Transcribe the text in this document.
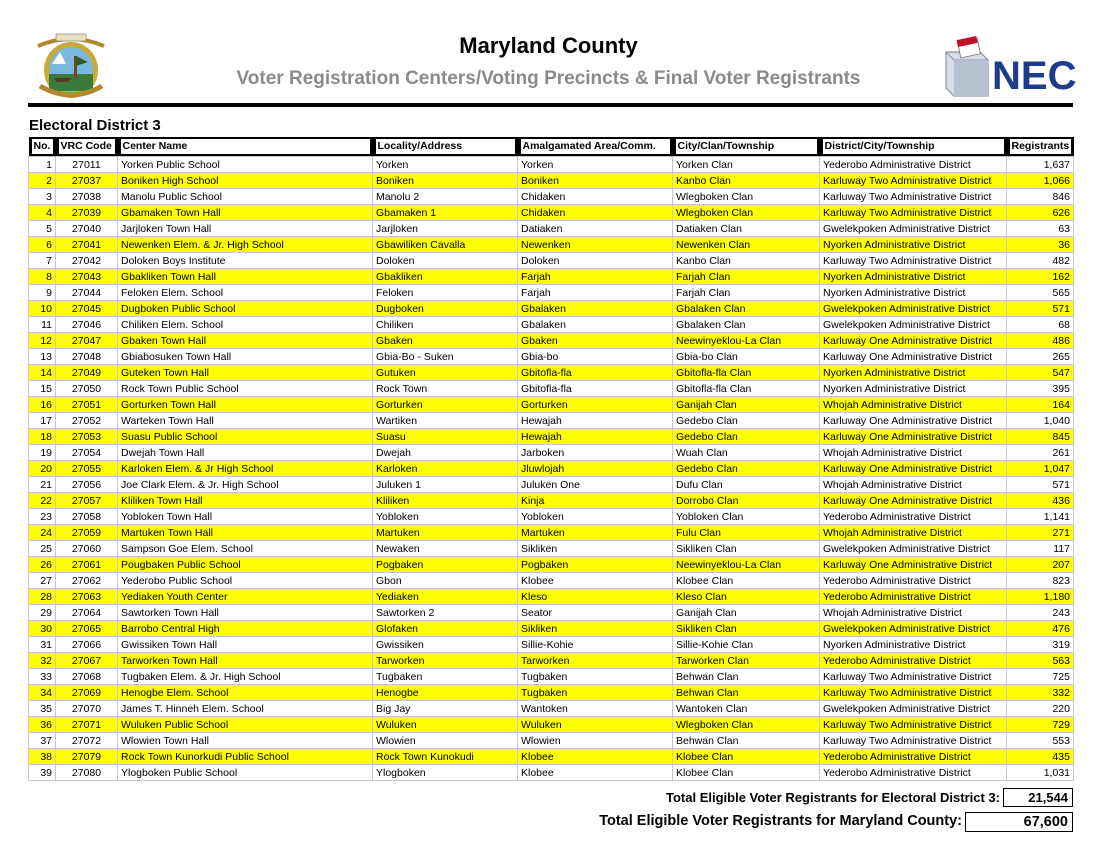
Maryland County
Voter Registration Centers/Voting Precincts & Final Voter Registrants	NEC
Electoral District 3
No.	VRC Code	Center Name	Locality/Address	Amalgamated Area/Comm.	City/Clan/Township	District/City/Township	Registrants

1	27011	Yorken Public School	Yorken	Yorken	Yorken Clan	Yederobo Administrative District	1,637
2	27037	Boniken High School	Boniken	Boniken	Kanbo Clan	Karluway Two Administrative District	1,066
3	27038	Manolu Public School	Manolu 2	Chidaken	Wlegboken Clan	Karluway Two Administrative District	846
4	27039	Gbamaken Town Hall	Gbamaken 1	Chidaken	Wlegboken Clan	Karluway Two Administrative District	626
5	27040	Jarjloken Town Hall	Jarjloken	Datiaken	Datiaken Clan	Gwelekpoken Administrative District	63
6	27041	Newenken Elem. & Jr. High School	Gbawiliken Cavalla	Newenken	Newenken Clan	Nyorken Administrative District	36
7	27042	Doloken Boys Institute	Doloken	Doloken	Kanbo Clan	Karluway Two Administrative District	482
8	27043	Gbakliken Town Hall	Gbakliken	Farjah	Farjah Clan	Nyorken Administrative District	162
9	27044	Feloken Elem. School	Feloken	Farjah	Farjah Clan	Nyorken Administrative District	565
10	27045	Dugboken Public School	Dugboken	Gbalaken	Gbalaken Clan	Gwelekpoken Administrative District	571
11	27046	Chiliken Elem. School	Chiliken	Gbalaken	Gbalaken Clan	Gwelekpoken Administrative District	68
12	27047	Gbaken Town Hall	Gbaken	Gbaken	Neewinyeklou-La Clan	Karluway One Administrative District	486
13	27048	Gbiabosuken Town Hall	Gbia-Bo - Suken	Gbia-bo	Gbia-bo Clan	Karluway One Administrative District	265
14	27049	Guteken Town Hall	Gutuken	Gbitofla-fla	Gbitofla-fla Clan	Nyorken Administrative District	547
15	27050	Rock Town Public School	Rock Town	Gbitofla-fla	Gbitofla-fla Clan	Nyorken Administrative District	395
16	27051	Gorturken Town Hall	Gorturken	Gorturken	Ganijah Clan	Whojah Administrative District	164
17	27052	Warteken Town Hall	Wartiken	Hewajah	Gedebo Clan	Karluway One Administrative District	1,040
18	27053	Suasu Public School	Suasu	Hewajah	Gedebo Clan	Karluway One Administrative District	845
19	27054	Dwejah Town Hall	Dwejah	Jarboken	Wuah Clan	Whojah Administrative District	261
20	27055	Karloken Elem. & Jr High School	Karloken	Jluwlojah	Gedebo Clan	Karluway One Administrative District	1,047
21	27056	Joe Clark Elem. & Jr. High School	Juluken 1	Juluken One	Dufu Clan	Whojah Administrative District	571
22	27057	Kliliken Town Hall	Kliliken	Kinja	Dorrobo Clan	Karluway One Administrative District	436
23	27058	Yobloken Town Hall	Yobloken	Yobloken	Yobloken Clan	Yederobo Administrative District	1,141
24	27059	Martuken Town Hall	Martuken	Martuken	Fulu Clan	Whojah Administrative District	271
25	27060	Sampson Goe Elem. School	Newaken	Sikliken	Sikliken Clan	Gwelekpoken Administrative District	117
26	27061	Pougbaken Public School	Pogbaken	Pogbaken	Neewinyeklou-La Clan	Karluway One Administrative District	207
27	27062	Yederobo Public School	Gbon	Klobee	Klobee Clan	Yederobo Administrative District	823
28	27063	Yediaken Youth Center	Yediaken	Kleso	Kleso Clan	Yederobo Administrative District	1,180
29	27064	Sawtorken Town Hall	Sawtorken 2	Seator	Ganijah Clan	Whojah Administrative District	243
30	27065	Barrobo Central High	Glofaken	Sikliken	Sikliken Clan	Gwelekpoken Administrative District	476
31	27066	Gwissiken Town Hall	Gwissiken	Sillie-Kohie	Sillie-Kohie Clan	Nyorken Administrative District	319
32	27067	Tarworken Town Hall	Tarworken	Tarworken	Tarworken Clan	Yederobo Administrative District	563
33	27068	Tugbaken Elem. & Jr. High School	Tugbaken	Tugbaken	Behwan Clan	Karluway Two Administrative District	725
34	27069	Henogbe Elem. School	Henogbe	Tugbaken	Behwan Clan	Karluway Two Administrative District	332
35	27070	James T. Hinneh Elem. School	Big Jay	Wantoken	Wantoken Clan	Gwelekpoken Administrative District	220
36	27071	Wuluken Public School	Wuluken	Wuluken	Wlegboken Clan	Karluway Two Administrative District	729
37	27072	Wlowien Town Hall	Wlowien	Wlowien	Behwan Clan	Karluway Two Administrative District	553
38	27079	Rock Town Kunorkudi Public School	Rock Town Kunokudi	Klobee	Klobee Clan	Yederobo Administrative District	435
39	27080	Ylogboken Public School	Ylogboken	Klobee	Klobee Clan	Yederobo Administrative District	1,031
Total Eligible Voter Registrants for Electoral District 3:	21,544
Total Eligible Voter Registrants for Maryland County:	67,600
